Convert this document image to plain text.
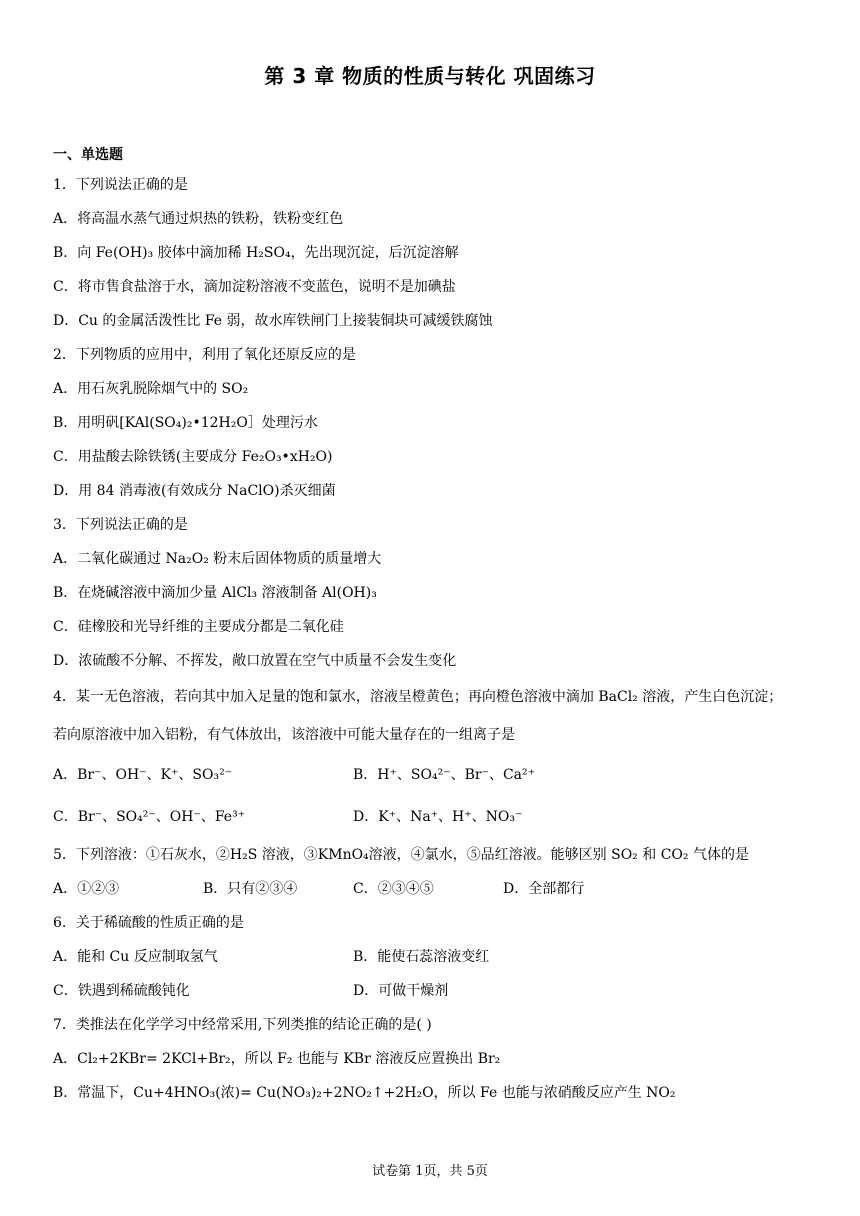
第 3 章 物质的性质与转化 巩固练习
一、单选题
1．下列说法正确的是
A．将高温水蒸气通过炽热的铁粉，铁粉变红色
B．向 Fe(OH)₃ 胶体中滴加稀 H₂SO₄，先出现沉淀，后沉淀溶解
C．将市售食盐溶于水，滴加淀粉溶液不变蓝色，说明不是加碘盐
D．Cu 的金属活泼性比 Fe 弱，故水库铁闸门上接装铜块可减缓铁腐蚀
2．下列物质的应用中，利用了氧化还原反应的是
A．用石灰乳脱除烟气中的 SO₂
B．用明矾[KAl(SO₄)₂•12H₂O］处理污水
C．用盐酸去除铁锈(主要成分 Fe₂O₃•xH₂O)
D．用 84 消毒液(有效成分 NaClO)杀灭细菌
3．下列说法正确的是
A．二氧化碳通过 Na₂O₂ 粉末后固体物质的质量增大
B．在烧碱溶液中滴加少量 AlCl₃ 溶液制备 Al(OH)₃
C．硅橡胶和光导纤维的主要成分都是二氧化硅
D．浓硫酸不分解、不挥发，敞口放置在空气中质量不会发生变化
4．某一无色溶液，若向其中加入足量的饱和氯水，溶液呈橙黄色；再向橙色溶液中滴加 BaCl₂ 溶液，产生白色沉淀；
若向原溶液中加入铝粉，有气体放出，该溶液中可能大量存在的一组离子是
A．Br⁻、OH⁻、K⁺、SO₃²⁻	B．H⁺、SO₄²⁻、Br⁻、Ca²⁺
C．Br⁻、SO₄²⁻、OH⁻、Fe³⁺	D．K⁺、Na⁺、H⁺、NO₃⁻
5．下列溶液：①石灰水，②H₂S 溶液，③KMnO₄溶液，④氯水，⑤品红溶液。能够区别 SO₂ 和 CO₂ 气体的是
A．①②③	B．只有②③④	C．②③④⑤	D．全部都行
6．关于稀硫酸的性质正确的是
A．能和 Cu 反应制取氢气	B．能使石蕊溶液变红
C．铁遇到稀硫酸钝化	D．可做干燥剂
7．类推法在化学学习中经常采用,下列类推的结论正确的是( )
A．Cl₂+2KBr= 2KCl+Br₂，所以 F₂ 也能与 KBr 溶液反应置换出 Br₂
B．常温下，Cu+4HNO₃(浓)= Cu(NO₃)₂+2NO₂↑+2H₂O，所以 Fe 也能与浓硝酸反应产生 NO₂
试卷第 1页，共 5页
